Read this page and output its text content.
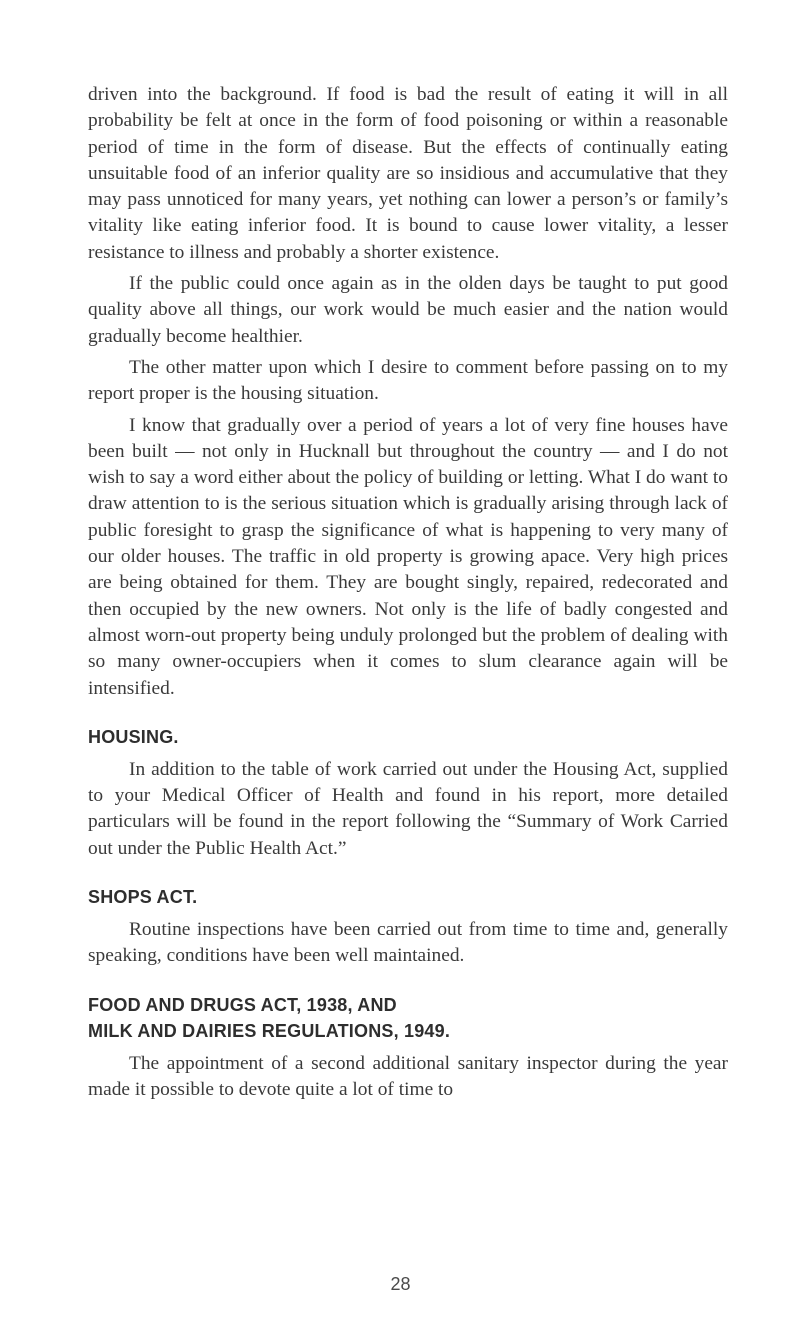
driven into the background. If food is bad the result of eating it will in all probability be felt at once in the form of food poisoning or within a reasonable period of time in the form of disease. But the effects of continually eating unsuitable food of an inferior quality are so insidious and accumulative that they may pass unnoticed for many years, yet nothing can lower a person’s or family’s vitality like eating inferior food. It is bound to cause lower vitality, a lesser resistance to illness and probably a shorter existence.

If the public could once again as in the olden days be taught to put good quality above all things, our work would be much easier and the nation would gradually become healthier.

The other matter upon which I desire to comment before passing on to my report proper is the housing situation.

I know that gradually over a period of years a lot of very fine houses have been built — not only in Hucknall but throughout the country — and I do not wish to say a word either about the policy of building or letting. What I do want to draw attention to is the serious situation which is gradually arising through lack of public foresight to grasp the significance of what is happening to very many of our older houses. The traffic in old property is growing apace. Very high prices are being obtained for them. They are bought singly, repaired, redecorated and then occupied by the new owners. Not only is the life of badly congested and almost worn-out property being unduly prolonged but the problem of dealing with so many owner-occupiers when it comes to slum clearance again will be intensified.

HOUSING.

In addition to the table of work carried out under the Housing Act, supplied to your Medical Officer of Health and found in his report, more detailed particulars will be found in the report following the “Summary of Work Carried out under the Public Health Act.”

SHOPS ACT.

Routine inspections have been carried out from time to time and, generally speaking, conditions have been well maintained.

FOOD AND DRUGS ACT, 1938, AND
MILK AND DAIRIES REGULATIONS, 1949.

The appointment of a second additional sanitary inspector during the year made it possible to devote quite a lot of time to

28
